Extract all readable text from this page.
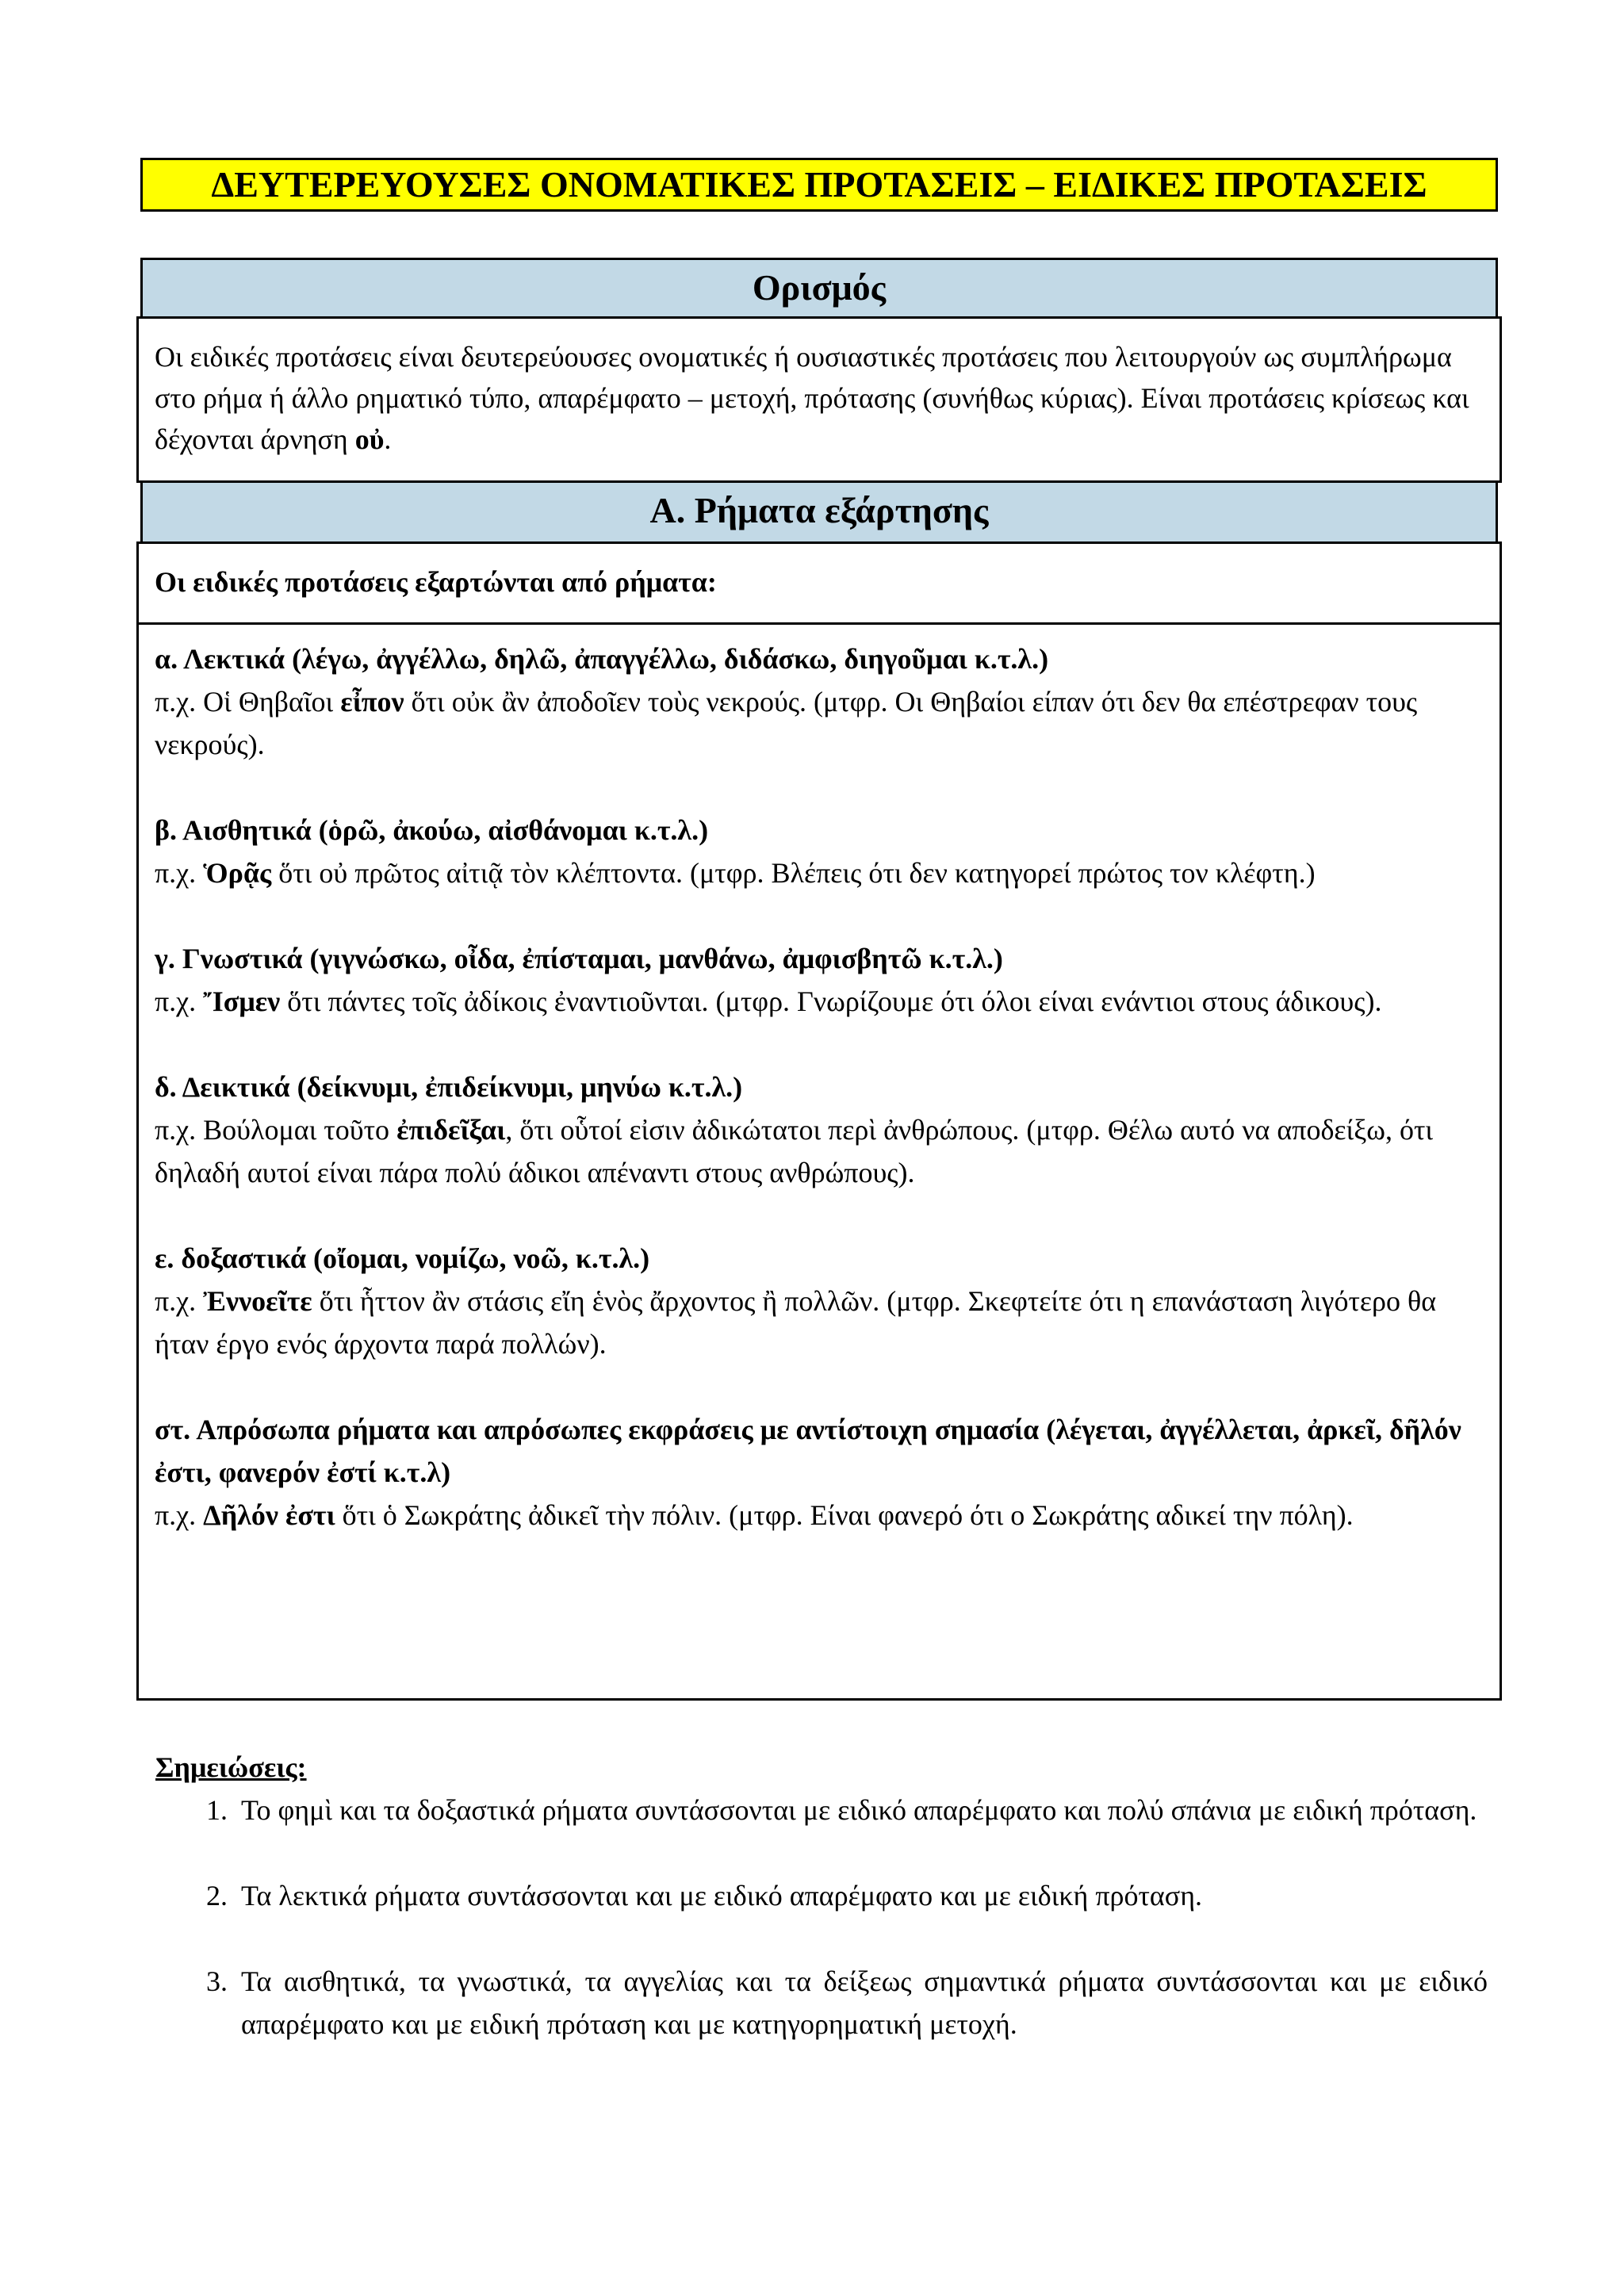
ΔΕΥΤΕΡΕΥΟΥΣΕΣ ΟΝΟΜΑΤΙΚΕΣ ΠΡΟΤΑΣΕΙΣ – ΕΙΔΙΚΕΣ ΠΡΟΤΑΣΕΙΣ
Ορισμός
Οι ειδικές προτάσεις είναι δευτερεύουσες ονοματικές ή ουσιαστικές προτάσεις που λειτουργούν ως συμπλήρωμα στο ρήμα ή άλλο ρηματικό τύπο, απαρέμφατο – μετοχή, πρότασης (συνήθως κύριας). Είναι προτάσεις κρίσεως και δέχονται άρνηση οὐ.
Α. Ρήματα εξάρτησης
Οι ειδικές προτάσεις εξαρτώνται από ρήματα:
α. Λεκτικά (λέγω, ἀγγέλλω, δηλῶ, ἀπαγγέλλω, διδάσκω, διηγοῦμαι κ.τ.λ.)
π.χ. Οἱ Θηβαῖοι εἶπον ὅτι οὐκ ἂν ἀποδοῖεν τοὺς νεκρούς. (μτφρ. Οι Θηβαίοι είπαν ότι δεν θα επέστρεφαν τους νεκρούς).
β. Αισθητικά (ὁρῶ, ἀκούω, αἰσθάνομαι κ.τ.λ.)
π.χ. Ὁρᾷς ὅτι οὐ πρῶτος αἰτιᾷ τὸν κλέπτοντα. (μτφρ. Βλέπεις ότι δεν κατηγορεί πρώτος τον κλέφτη.)
γ. Γνωστικά (γιγνώσκω, οἶδα, ἐπίσταμαι, μανθάνω, ἀμφισβητῶ κ.τ.λ.)
π.χ. Ἴσμεν ὅτι πάντες τοῖς ἀδίκοις ἐναντιοῦνται. (μτφρ. Γνωρίζουμε ότι όλοι είναι ενάντιοι στους άδικους).
δ. Δεικτικά (δείκνυμι, ἐπιδείκνυμι, μηνύω κ.τ.λ.)
π.χ. Βούλομαι τοῦτο ἐπιδεῖξαι, ὅτι οὗτοί εἰσιν ἀδικώτατοι περὶ ἀνθρώπους. (μτφρ. Θέλω αυτό να αποδείξω, ότι δηλαδή αυτοί είναι πάρα πολύ άδικοι απέναντι στους ανθρώπους).
ε. δοξαστικά (οἴομαι, νομίζω, νοῶ, κ.τ.λ.)
π.χ. Ἐννοεῖτε ὅτι ἧττον ἂν στάσις εἴη ἑνὸς ἄρχοντος ἢ πολλῶν. (μτφρ. Σκεφτείτε ότι η επανάσταση λιγότερο θα ήταν έργο ενός άρχοντα παρά πολλών).
στ. Απρόσωπα ρήματα και απρόσωπες εκφράσεις με αντίστοιχη σημασία (λέγεται, ἀγγέλλεται, ἀρκεῖ, δῆλόν ἐστι, φανερόν ἐστί κ.τ.λ)
π.χ. Δῆλόν ἐστι ὅτι ὁ Σωκράτης ἀδικεῖ τὴν πόλιν. (μτφρ. Είναι φανερό ότι ο Σωκράτης αδικεί την πόλη).
Σημειώσεις:
1. Το φημὶ και τα δοξαστικά ρήματα συντάσσονται με ειδικό απαρέμφατο και πολύ σπάνια με ειδική πρόταση.
2. Τα λεκτικά ρήματα συντάσσονται και με ειδικό απαρέμφατο και με ειδική πρόταση.
3. Τα αισθητικά, τα γνωστικά, τα αγγελίας και τα δείξεως σημαντικά ρήματα συντάσσονται και με ειδικό απαρέμφατο και με ειδική πρόταση και με κατηγορηματική μετοχή.
